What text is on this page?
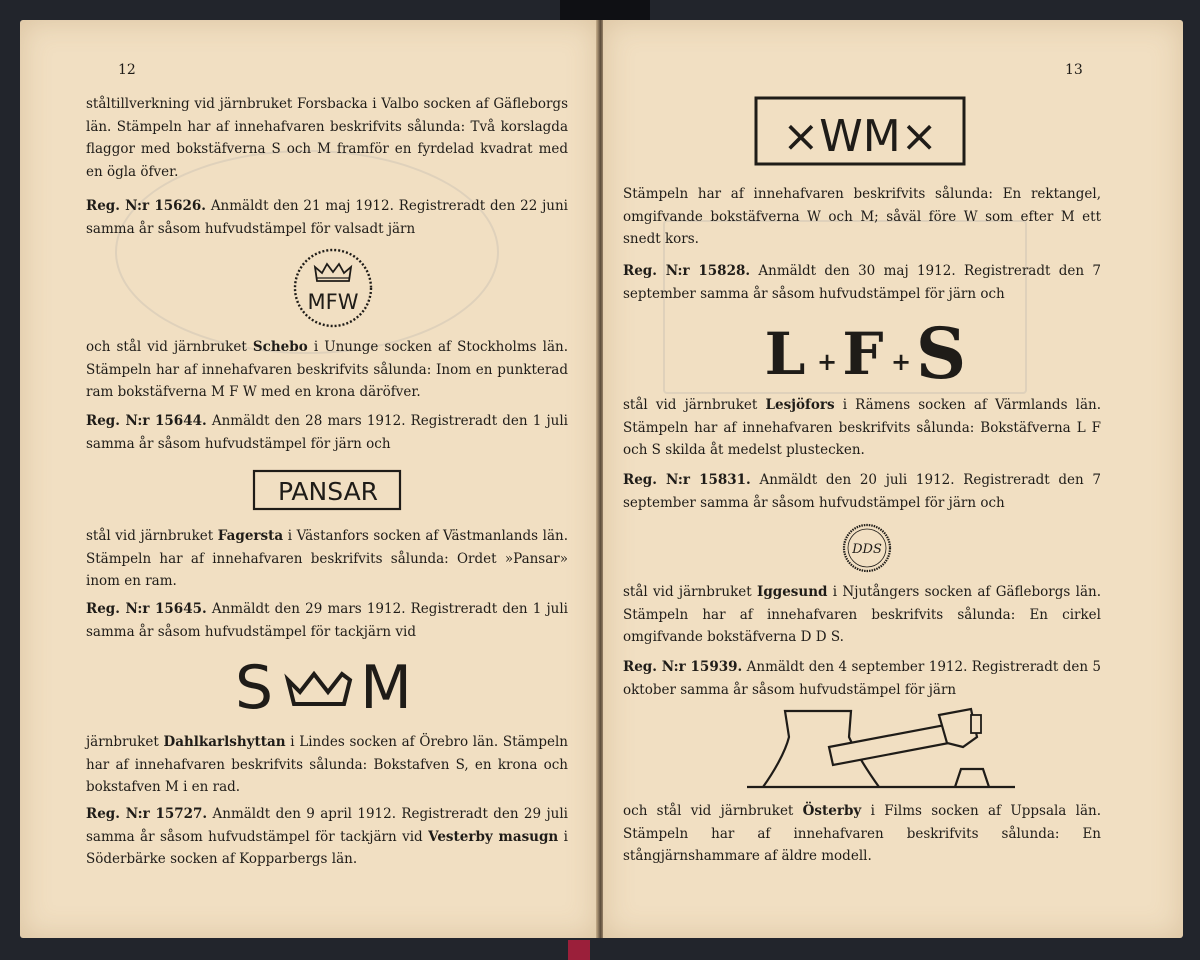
12
ståltillverkning vid järnbruket Forsbacka i Valbo socken af Gäfleborgs län. Stämpeln har af innehafvaren beskrifvits sålunda: Två korslagda flaggor med bokstäfverna S och M framför en fyrdelad kvadrat med en ögla öfver.
Reg. N:r 15626. Anmäldt den 21 maj 1912. Registreradt den 22 juni samma år såsom hufvudstämpel för valsadt järn
MFW
och stål vid järnbruket Schebo i Ununge socken af Stockholms län. Stämpeln har af innehafvaren beskrifvits sålunda: Inom en punkterad ram bokstäfverna M F W med en krona däröfver.
Reg. N:r 15644. Anmäldt den 28 mars 1912. Registreradt den 1 juli samma år såsom hufvudstämpel för järn och
PANSAR
stål vid järnbruket Fagersta i Västanfors socken af Västmanlands län. Stämpeln har af innehafvaren beskrifvits sålunda: Ordet »Pansar» inom en ram.
Reg. N:r 15645. Anmäldt den 29 mars 1912. Registreradt den 1 juli samma år såsom hufvudstämpel för tackjärn vid
S M
järnbruket Dahlkarlshyttan i Lindes socken af Örebro län. Stämpeln har af innehafvaren beskrifvits sålunda: Bokstafven S, en krona och bokstafven M i en rad.
Reg. N:r 15727. Anmäldt den 9 april 1912. Registreradt den 29 juli samma år såsom hufvudstämpel för tackjärn vid Vesterby masugn i Söderbärke socken af Kopparbergs län.
13
×WM×
Stämpeln har af innehafvaren beskrifvits sålunda: En rektangel, omgifvande bokstäfverna W och M; såväl före W som efter M ett snedt kors.
Reg. N:r 15828. Anmäldt den 30 maj 1912. Registreradt den 7 september samma år såsom hufvudstämpel för järn och
L + F + S
stål vid järnbruket Lesjöfors i Rämens socken af Värmlands län. Stämpeln har af innehafvaren beskrifvits sålunda: Bokstäfverna L F och S skilda åt medelst plustecken.
Reg. N:r 15831. Anmäldt den 20 juli 1912. Registreradt den 7 september samma år såsom hufvudstämpel för järn och
DDS
stål vid järnbruket Iggesund i Njutångers socken af Gäfleborgs län. Stämpeln har af innehafvaren beskrifvits sålunda: En cirkel omgifvande bokstäfverna D D S.
Reg. N:r 15939. Anmäldt den 4 september 1912. Registreradt den 5 oktober samma år såsom hufvudstämpel för järn
och stål vid järnbruket Österby i Films socken af Uppsala län. Stämpeln har af innehafvaren beskrifvits sålunda: En stångjärnshammare af äldre modell.
